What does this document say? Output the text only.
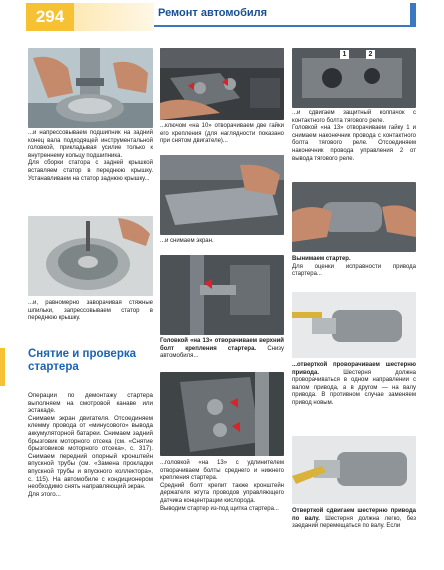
294	Ремонт автомобиля
...и напрессовываем подшипник на задний конец вала подходящей инструментальной головкой, прикладывая усилие только к внутреннему кольцу подшипника.
Для сборки статора с задней крышкой вставляем статор в переднюю крышку. Устанавливаем на статор заднюю крышку...
...и, равномерно заворачивая стяжные шпильки, запрессовываем статор в переднюю крышку.
Снятие и проверка стартера
Операции по демонтажу стартера выполняем на смотровой канаве или эстакаде.
Снимаем экран двигателя. Отсоединяем клемму провода от «минусового» вывода аккумуляторной батареи. Снимаем задний брызговик моторного отсека (см. «Снятие брызговиков моторного отсека», с. 317). Снимаем передний опорный кронштейн впускной трубы (см. «Замена прокладки впускной трубы и впускного коллектора», с. 115). На автомобиле с кондиционером необходимо снять направляющий экран.
Для этого...
...ключом «на 10» отворачиваем две гайки его крепления (для наглядности показано при снятом двигателе)...
...и снимаем экран.
Головкой «на 13» отворачиваем верхний болт крепления стартера. Снизу автомобиля...
...головкой «на 13» с удлинителем отворачиваем болты среднего и нижнего крепления стартера.
Средний болт крепит также кронштейн держателя жгута проводов управляющего датчика концентрации кислорода.
Выводим стартер из-под щитка стартера...
1	2
...и сдвигаем защитный колпачок с контактного болта тягового реле.
Головкой «на 13» отворачиваем гайку 1 и снимаем наконечник провода с контактного болта тягового реле. Отсоединяем наконечник провода управления 2 от вывода тягового реле.
Вынимаем стартер.
Для оценки исправности привода стартера...
...отверткой проворачиваем шестерню привода.	Шестерня должна проворачиваться в одном направлении с валом привода, а в другом — на валу привода. В противном случае заменяем привод новым.
Отверткой сдвигаем шестерню привода по валу. Шестерня должна легко, без заеданий перемещаться по валу. Если
